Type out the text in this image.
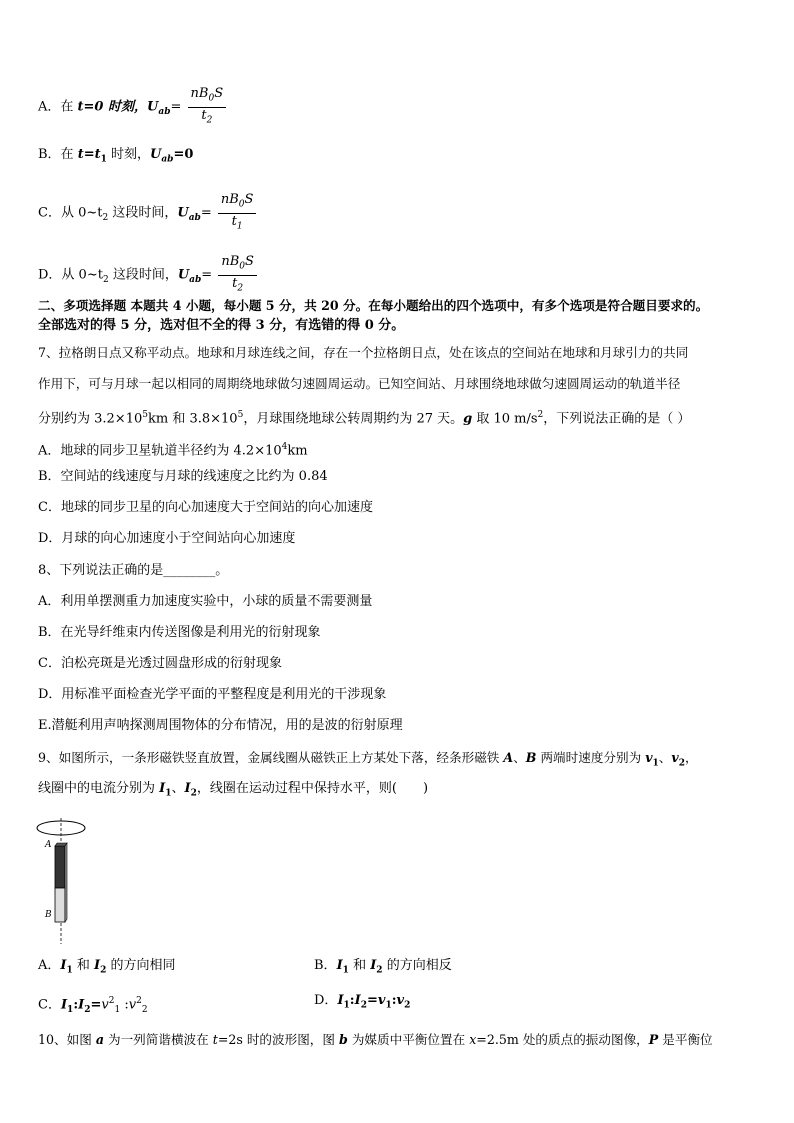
A．在 t=0 时刻，$U_{ab}= \frac{nB_0S}{t_2}$
B．在 $t=t_1$ 时刻，$U_{ab}=0$
C．从 $0\sim t_2$ 这段时间，$U_{ab}= \frac{nB_0S}{t_1}$
D．从 $0\sim t_2$ 这段时间，$U_{ab}= \frac{nB_0S}{t_2}$
二、多项选择题 本题共 4 小题，每小题 5 分，共 20 分。在每小题给出的四个选项中，有多个选项是符合题目要求的。
全部选对的得 5 分，选对但不全的得 3 分，有选错的得 0 分。
7、拉格朗日点又称平动点。地球和月球连线之间，存在一个拉格朗日点，处在该点的空间站在地球和月球引力的共同
作用下，可与月球一起以相同的周期绕地球做匀速圆周运动。已知空间站、月球围绕地球做匀速圆周运动的轨道半径
分别约为 $3.2\times 10^5km$ 和 $3.8\times 10^5$，月球围绕地球公转周期约为 27 天。g 取 10 $m/s^2$，下列说法正确的是（ ）
A．地球的同步卫星轨道半径约为 $4.2\times 10^4km$
B．空间站的线速度与月球的线速度之比约为 0.84
C．地球的同步卫星的向心加速度大于空间站的向心加速度
D．月球的向心加速度小于空间站向心加速度
8、下列说法正确的是________。
A．利用单摆测重力加速度实验中，小球的质量不需要测量
B．在光导纤维束内传送图像是利用光的衍射现象
C．泊松亮斑是光透过圆盘形成的衍射现象
D．用标准平面检查光学平面的平整程度是利用光的干涉现象
E.潜艇利用声呐探测周围物体的分布情况，用的是波的衍射原理
9、如图所示，一条形磁铁竖直放置，金属线圈从磁铁正上方某处下落，经条形磁铁 A、B 两端时速度分别为 $v_1$、$v_2$，
线圈中的电流分别为 $I_1$、$I_2$，线圈在运动过程中保持水平，则(　　)
A
B
A．$I_1$ 和 $I_2$ 的方向相同	B．$I_1$ 和 $I_2$ 的方向相反
C．$I_1:I_2=v^2_1$ $:v^2_2$
D．$I_1:I_2=v_1:v_2$
10、如图 a 为一列简谐横波在 t=2s 时的波形图，图 b 为媒质中平衡位置在 x=2.5m 处的质点的振动图像，P 是平衡位
